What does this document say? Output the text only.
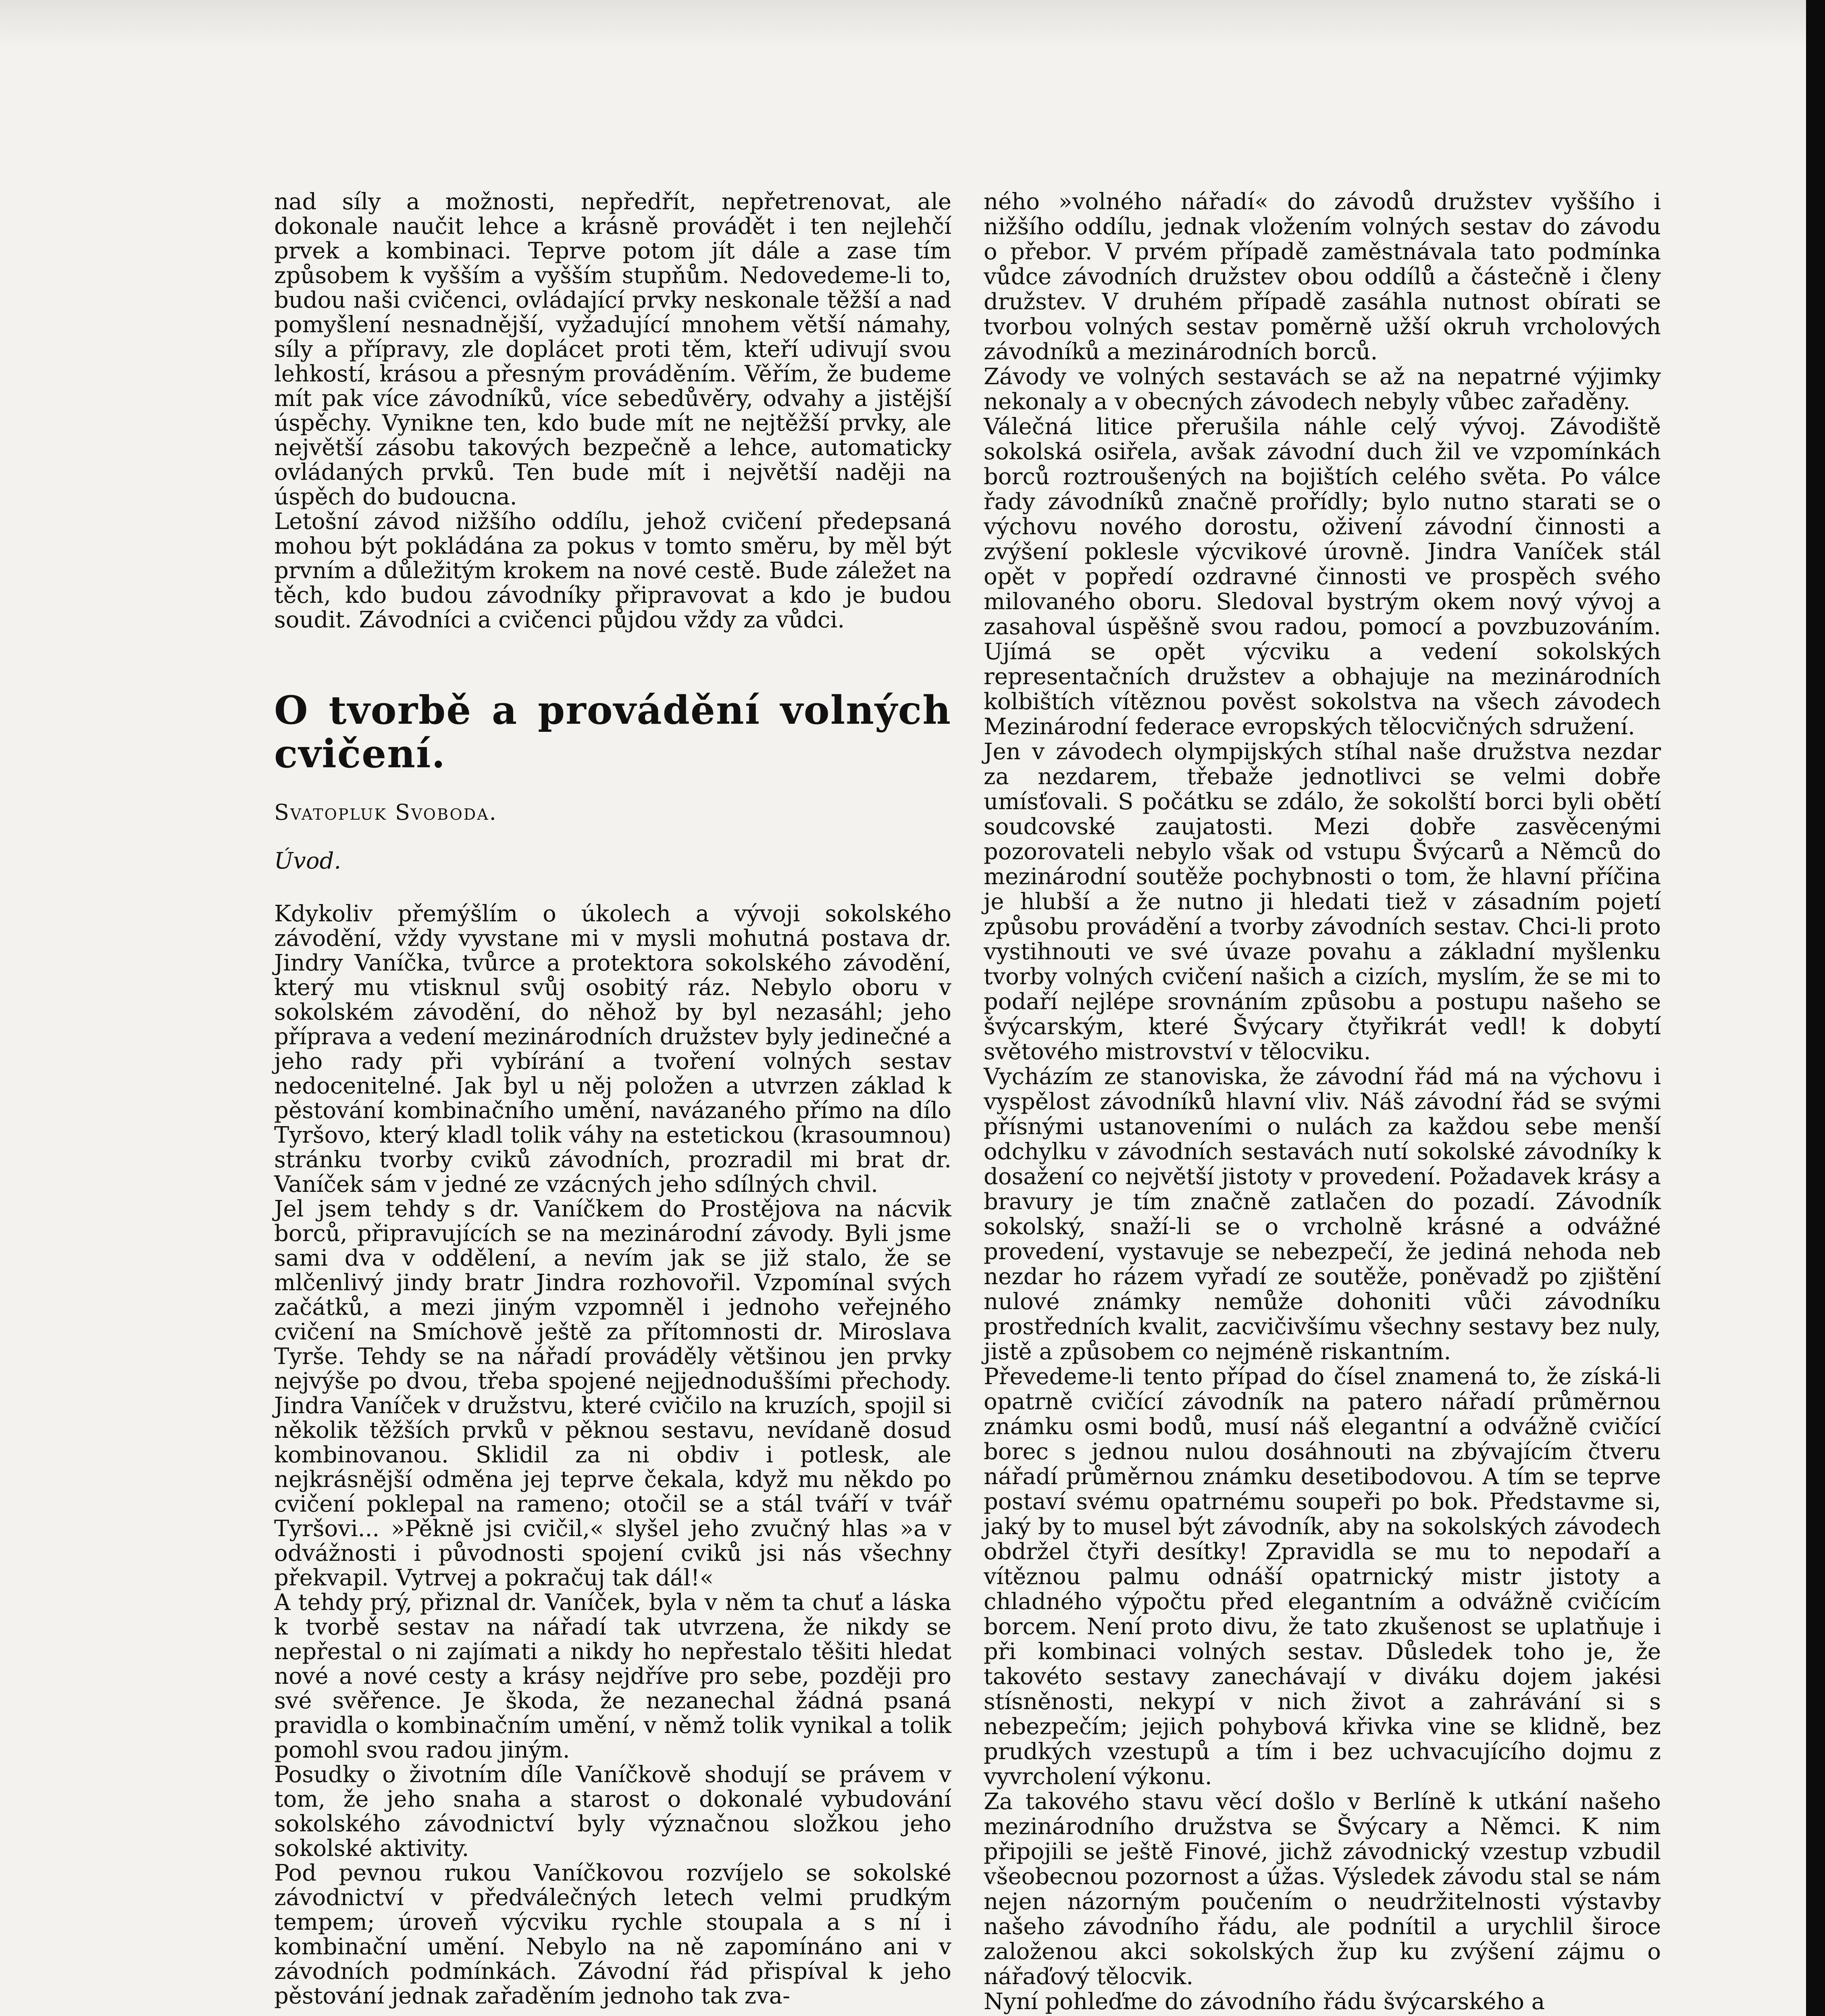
nad síly a možnosti, nepředřít, nepřetrenovat, ale dokonale naučit lehce a krásně provádět i ten nejlehčí prvek a kombinaci. Teprve potom jít dále a zase tím způsobem k vyšším a vyšším stupňům. Nedovedeme-li to, budou naši cvičenci, ovládající prvky neskonale těžší a nad pomyšlení nesnadnější, vyžadující mnohem větší námahy, síly a přípravy, zle doplácet proti těm, kteří udivují svou lehkostí, krásou a přesným prováděním. Věřím, že budeme mít pak více závodníků, více sebedůvěry, odvahy a jistější úspěchy. Vynikne ten, kdo bude mít ne nejtěžší prvky, ale největší zásobu takových bezpečně a lehce, automaticky ovládaných prvků. Ten bude mít i největší naději na úspěch do budoucna.

Letošní závod nižšího oddílu, jehož cvičení předepsaná mohou být pokládána za pokus v tomto směru, by měl být prvním a důležitým krokem na nové cestě. Bude záležet na těch, kdo budou závodníky připravovat a kdo je budou soudit. Závodníci a cvičenci půjdou vždy za vůdci.

O tvorbě a provádění volných cvičení.
Svatopluk Svoboda.
Úvod.

Kdykoliv přemýšlím o úkolech a vývoji sokolského závodění, vždy vyvstane mi v mysli mohutná postava dr. Jindry Vaníčka, tvůrce a protektora sokolského závodění, který mu vtisknul svůj osobitý ráz. Nebylo oboru v sokolském závodění, do něhož by byl nezasáhl; jeho příprava a vedení mezinárodních družstev byly jedinečné a jeho rady při vybírání a tvoření volných sestav nedocenitelné. Jak byl u něj položen a utvrzen základ k pěstování kombinačního umění, navázaného přímo na dílo Tyršovo, který kladl tolik váhy na estetickou (krasoumnou) stránku tvorby cviků závodních, prozradil mi brat dr. Vaníček sám v jedné ze vzácných jeho sdílných chvil.

Jel jsem tehdy s dr. Vaníčkem do Prostějova na nácvik borců, připravujících se na mezinárodní závody. Byli jsme sami dva v oddělení, a nevím jak se již stalo, že se mlčenlivý jindy bratr Jindra rozhovořil. Vzpomínal svých začátků, a mezi jiným vzpomněl i jednoho veřejného cvičení na Smíchově ještě za přítomnosti dr. Miroslava Tyrše. Tehdy se na nářadí prováděly většinou jen prvky nejvýše po dvou, třeba spojené nejjednoduššími přechody. Jindra Vaníček v družstvu, které cvičilo na kruzích, spojil si několik těžších prvků v pěknou sestavu, nevídaně dosud kombinovanou. Sklidil za ni obdiv i potlesk, ale nejkrásnější odměna jej teprve čekala, když mu někdo po cvičení poklepal na rameno; otočil se a stál tváří v tvář Tyršovi... »Pěkně jsi cvičil,« slyšel jeho zvučný hlas »a v odvážnosti i původnosti spojení cviků jsi nás všechny překvapil. Vytrvej a pokračuj tak dál!«

A tehdy prý, přiznal dr. Vaníček, byla v něm ta chuť a láska k tvorbě sestav na nářadí tak utvrzena, že nikdy se nepřestal o ni zajímati a nikdy ho nepřestalo těšiti hledat nové a nové cesty a krásy nejdříve pro sebe, později pro své svěřence. Je škoda, že nezanechal žádná psaná pravidla o kombinačním umění, v němž tolik vynikal a tolik pomohl svou radou jiným.

Posudky o životním díle Vaníčkově shodují se právem v tom, že jeho snaha a starost o dokonalé vybudování sokolského závodnictví byly význačnou složkou jeho sokolské aktivity.

Pod pevnou rukou Vaníčkovou rozvíjelo se sokolské závodnictví v předválečných letech velmi prudkým tempem; úroveň výcviku rychle stoupala a s ní i kombinační umění. Nebylo na ně zapomínáno ani v závodních podmínkách. Závodní řád přispíval k jeho pěstování jednak zařaděním jednoho tak zva-

ného »volného nářadí« do závodů družstev vyššího i nižšího oddílu, jednak vložením volných sestav do závodu o přebor. V prvém případě zaměstnávala tato podmínka vůdce závodních družstev obou oddílů a částečně i členy družstev. V druhém případě zasáhla nutnost obírati se tvorbou volných sestav poměrně užší okruh vrcholových závodníků a mezinárodních borců.

Závody ve volných sestavách se až na nepatrné výjimky nekonaly a v obecných závodech nebyly vůbec zařaděny.

Válečná litice přerušila náhle celý vývoj. Závodiště sokolská osiřela, avšak závodní duch žil ve vzpomínkách borců roztroušených na bojištích celého světa. Po válce řady závodníků značně prořídly; bylo nutno starati se o výchovu nového dorostu, oživení závodní činnosti a zvýšení poklesle výcvikové úrovně. Jindra Vaníček stál opět v popředí ozdravné činnosti ve prospěch svého milovaného oboru. Sledoval bystrým okem nový vývoj a zasahoval úspěšně svou radou, pomocí a povzbuzováním. Ujímá se opět výcviku a vedení sokolských representačních družstev a obhajuje na mezinárodních kolbištích vítěznou pověst sokolstva na všech závodech Mezinárodní federace evropských tělocvičných sdružení.

Jen v závodech olympijských stíhal naše družstva nezdar za nezdarem, třebaže jednotlivci se velmi dobře umísťovali. S počátku se zdálo, že sokolští borci byli obětí soudcovské zaujatosti. Mezi dobře zasvěcenými pozorovateli nebylo však od vstupu Švýcarů a Němců do mezinárodní soutěže pochybnosti o tom, že hlavní příčina je hlubší a že nutno ji hledati tiež v zásadním pojetí způsobu provádění a tvorby závodních sestav. Chci-li proto vystihnouti ve své úvaze povahu a základní myšlenku tvorby volných cvičení našich a cizích, myslím, že se mi to podaří nejlépe srovnáním způsobu a postupu našeho se švýcarským, které Švýcary čtyřikrát vedl! k dobytí světového mistrovství v tělocviku.

Vycházím ze stanoviska, že závodní řád má na výchovu i vyspělost závodníků hlavní vliv. Náš závodní řád se svými přísnými ustanoveními o nulách za každou sebe menší odchylku v závodních sestavách nutí sokolské závodníky k dosažení co největší jistoty v provedení. Požadavek krásy a bravury je tím značně zatlačen do pozadí. Závodník sokolský, snaží-li se o vrcholně krásné a odvážné provedení, vystavuje se nebezpečí, že jediná nehoda neb nezdar ho rázem vyřadí ze soutěže, poněvadž po zjištění nulové známky nemůže dohoniti vůči závodníku prostředních kvalit, zacvičivšímu všechny sestavy bez nuly, jistě a způsobem co nejméně riskantním.

Převedeme-li tento případ do čísel znamená to, že získá-li opatrně cvičící závodník na patero nářadí průměrnou známku osmi bodů, musí náš elegantní a odvážně cvičící borec s jednou nulou dosáhnouti na zbývajícím čtveru nářadí průměrnou známku desetibodovou. A tím se teprve postaví svému opatrnému soupeři po bok. Představme si, jaký by to musel být závodník, aby na sokolských závodech obdržel čtyři desítky! Zpravidla se mu to nepodaří a vítěznou palmu odnáší opatrnický mistr jistoty a chladného výpočtu před elegantním a odvážně cvičícím borcem. Není proto divu, že tato zkušenost se uplatňuje i při kombinaci volných sestav. Důsledek toho je, že takovéto sestavy zanechávají v diváku dojem jakési stísněnosti, nekypí v nich život a zahrávání si s nebezpečím; jejich pohybová křivka vine se klidně, bez prudkých vzestupů a tím i bez uchvacujícího dojmu z vyvrcholení výkonu.

Za takového stavu věcí došlo v Berlíně k utkání našeho mezinárodního družstva se Švýcary a Němci. K nim připojili se ještě Finové, jichž závodnický vzestup vzbudil všeobecnou pozornost a úžas. Výsledek závodu stal se nám nejen názorným poučením o neudržitelnosti výstavby našeho závodního řádu, ale podnítil a urychlil široce založenou akci sokolských žup ku zvýšení zájmu o nářaďový tělocvik.

Nyní pohleďme do závodního řádu švýcarského a
